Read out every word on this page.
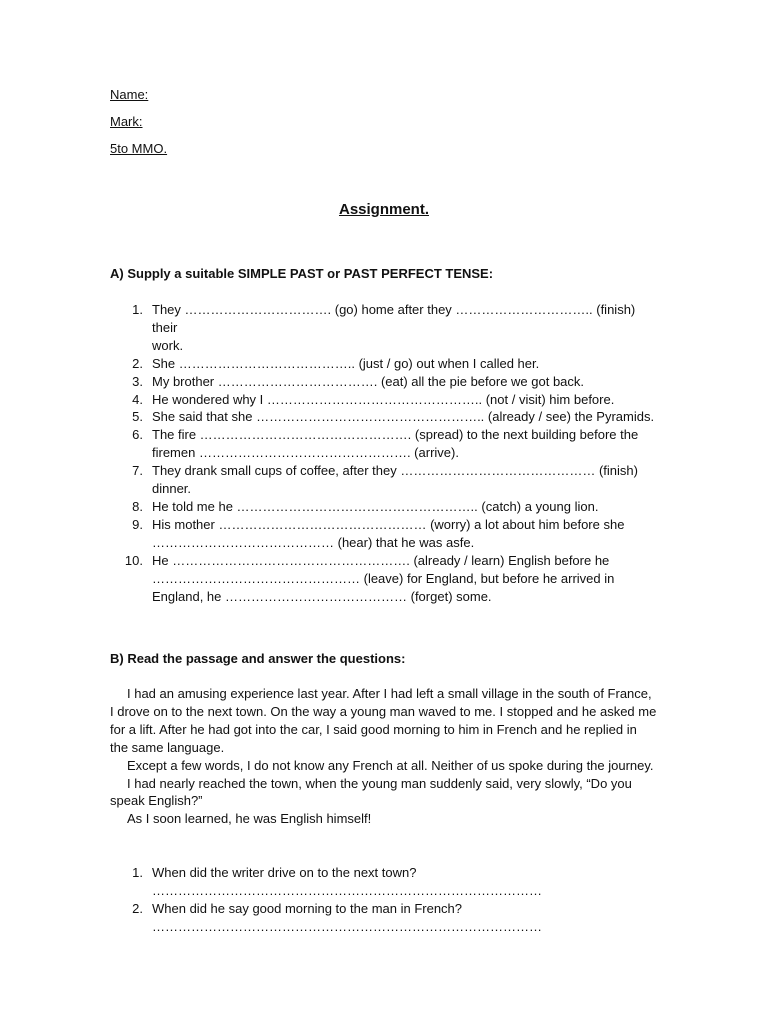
Name:
Mark:
5to MMO.
Assignment.
A) Supply a suitable SIMPLE PAST or PAST PERFECT TENSE:
1. They ……………………………. (go) home after they ………………………….. (finish) their
work.
2. She ………………………………….. (just / go) out when I called her.
3. My brother ………………………………. (eat) all the pie before we got back.
4. He wondered why I ………………………………………….. (not / visit) him before.
5. She said that she …………………………………………….. (already / see) the Pyramids.
6. The fire …………………………………………. (spread) to the next building before the
firemen …………………………………………. (arrive).
7. They drank small cups of coffee, after they ……………………………………… (finish)
dinner.
8. He told me he ……………………………………………….. (catch) a young lion.
9. His mother ………………………………………… (worry) a lot about him before she
…………………………………… (hear) that he was asfe.
10. He ………………………………………………. (already / learn) English before he
………………………………………… (leave) for England, but before he arrived in
England, he …………………………………… (forget) some.
B) Read the passage and answer the questions:

I had an amusing experience last year. After I had left a small village in the south of France, I drove on to the next town. On the way a young man waved to me. I stopped and he asked me for a lift. After he had got into the car, I said good morning to him in French and he replied in the same language.

Except a few words, I do not know any French at all. Neither of us spoke during the journey.

I had nearly reached the town, when the young man suddenly said, very slowly, “Do you speak English?”

As I soon learned, he was English himself!

1. When did the writer drive on to the next town?
………………………………………………………………………………
2. When did he say good morning to the man in French?
………………………………………………………………………………
